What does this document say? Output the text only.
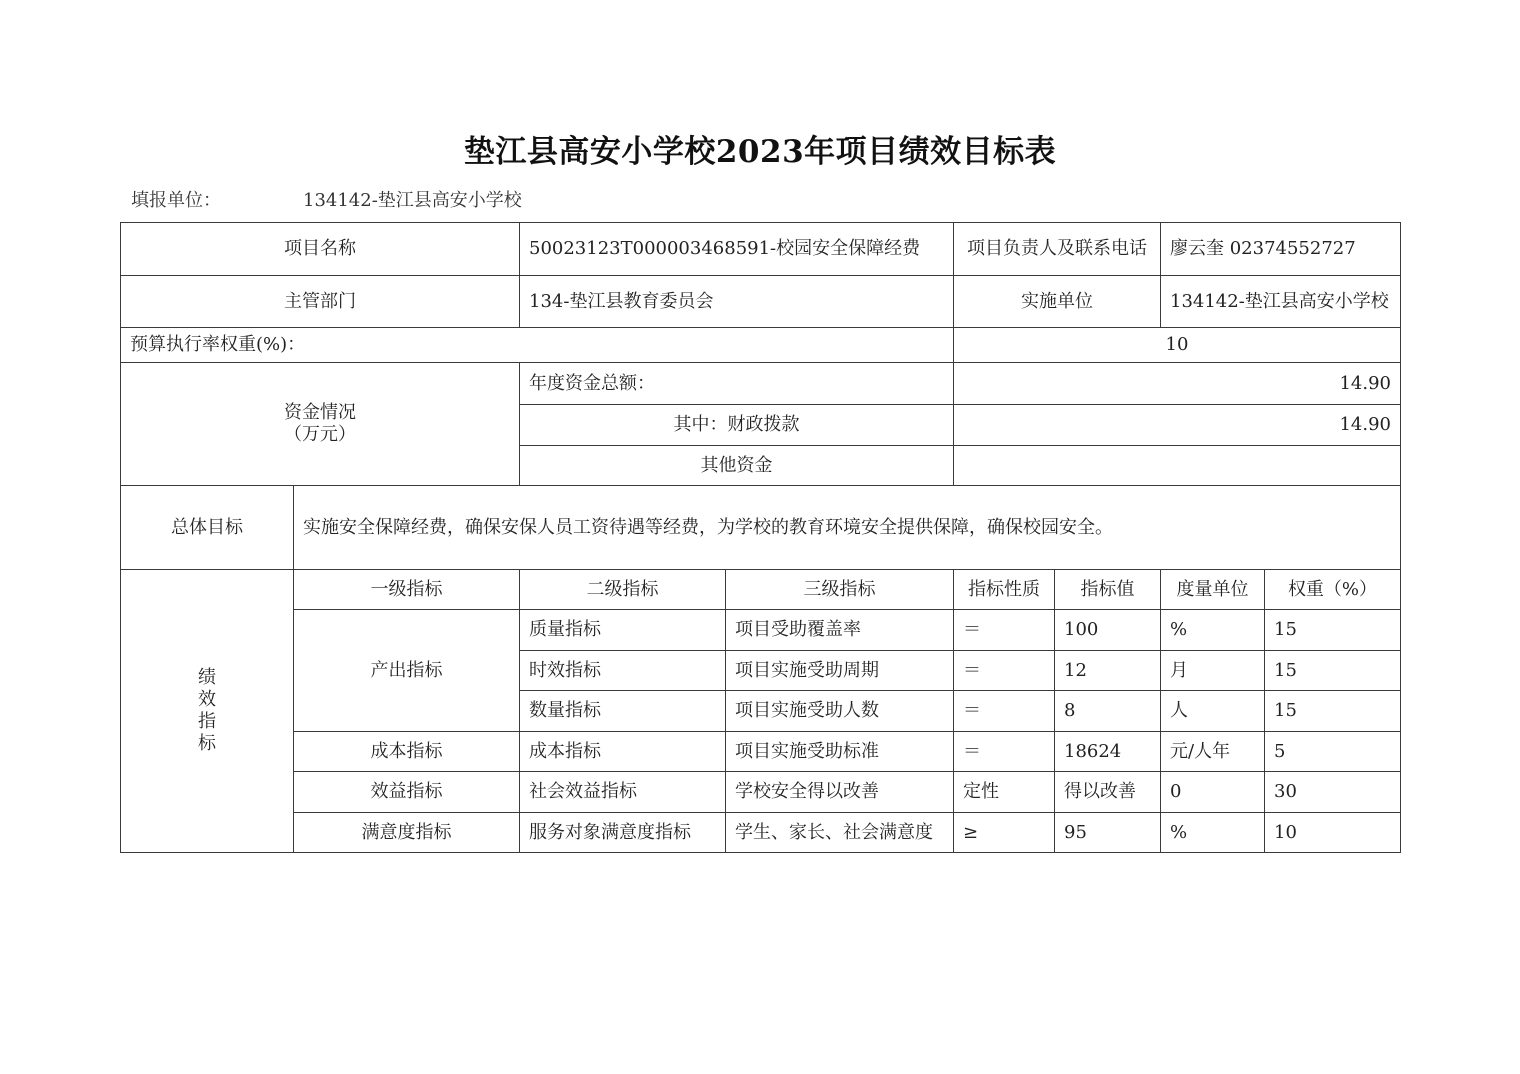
垫江县高安小学校2023年项目绩效目标表
填报单位：	134142-垫江县高安小学校
项目名称		50023123T000003468591-校园安全保障经费		项目负责人及联系电话		廖云奎 02374552727	
主管部门		134-垫江县教育委员会		实施单位		134142-垫江县高安小学校	
预算执行率权重(%)：				10			

资金情况
（万元）		年度资金总额：		14.90			
		其中：财政拨款		14.90			
		其他资金					
总体目标	实施安全保障经费，确保安保人员工资待遇等经费，为学校的教育环境安全提供保障，确保校园安全。						

绩
效
指
标	一级指标	二级指标	三级指标	指标性质	指标值	度量单位	权重（%）
	产出指标	质量指标	项目受助覆盖率	＝	100	%	15
		时效指标	项目实施受助周期	＝	12	月	15
		数量指标	项目实施受助人数	＝	8	人	15
	成本指标	成本指标	项目实施受助标准	＝	18624	元/人年	5
	效益指标	社会效益指标	学校安全得以改善	定性	得以改善	0	30
	满意度指标	服务对象满意度指标	学生、家长、社会满意度	≥	95	%	10
